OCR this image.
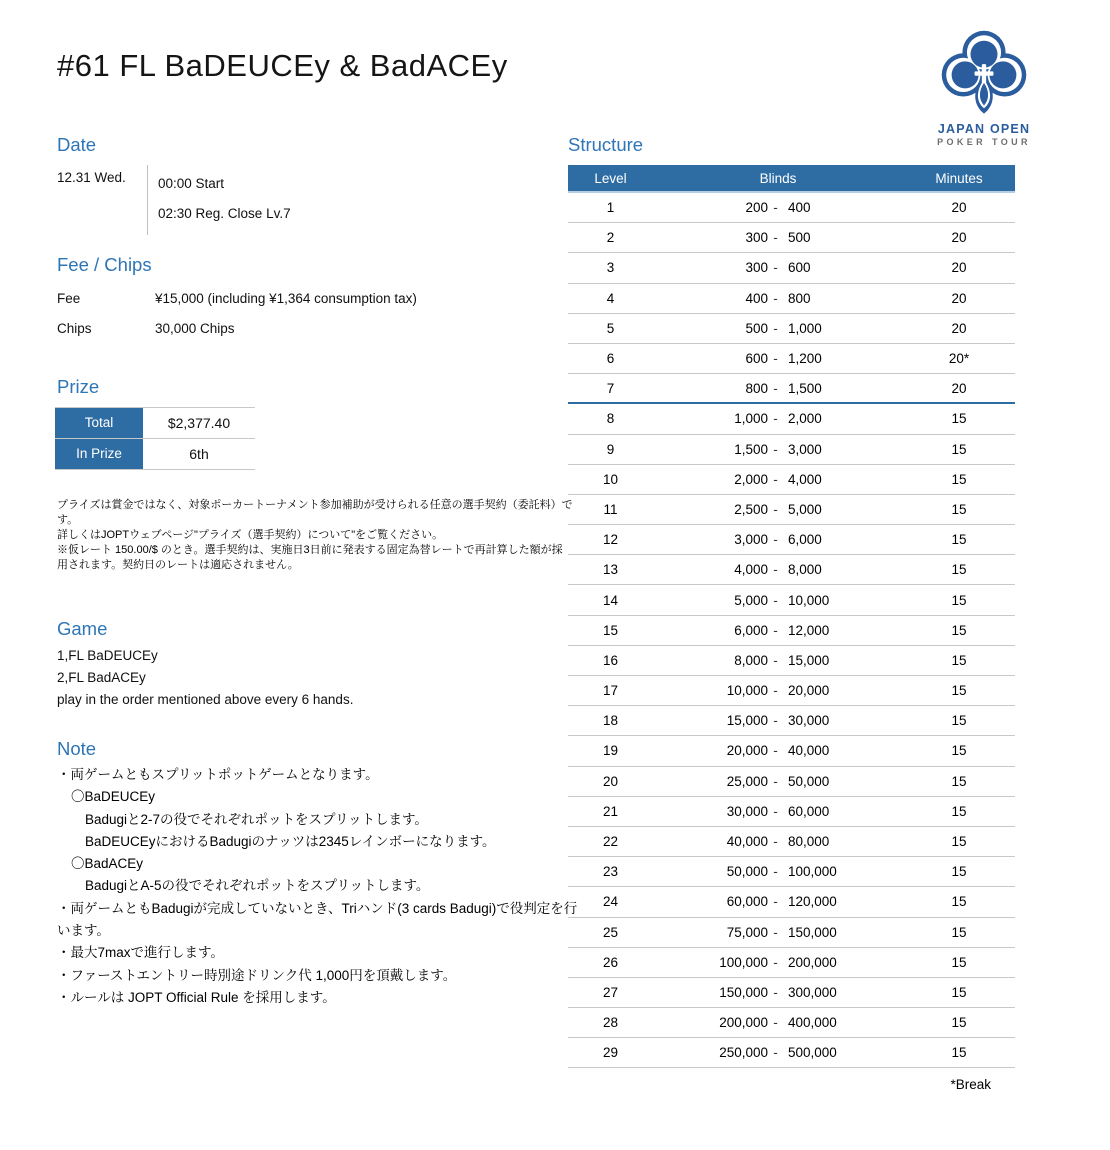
#61 FL BaDEUCEy & BadACEy
JAPAN OPEN
POKER TOUR
Date
12.31 Wed.	00:00 Start
02:30 Reg. Close Lv.7
Fee / Chips
Fee	¥15,000 (including ¥1,364 consumption tax)
Chips	30,000 Chips
Prize
Total	$2,377.40
In Prize	6th

プライズは賞金ではなく、対象ポーカートーナメント参加補助が受けられる任意の選手契約（委託料）です。

詳しくはJOPTウェブページ"プライズ（選手契約）について"をご覧ください。

※仮レート 150.00/$ のとき。選手契約は、実施日3日前に発表する固定為替レートで再計算した額が採用されます。契約日のレートは適応されません。

Game
1,FL BaDEUCEy
2,FL BadACEy
play in the order mentioned above every 6 hands.
Note
・両ゲームともスプリットポットゲームとなります。
〇BaDEUCEy
Badugiと2-7の役でそれぞれポットをスプリットします。
BaDEUCEyにおけるBadugiのナッツは2345レインボーになります。
〇BadACEy
BadugiとA-5の役でそれぞれポットをスプリットします。
・両ゲームともBadugiが完成していないとき、Triハンド(3 cards Badugi)で役判定を行います。
・最大7maxで進行します。
・ファーストエントリー時別途ドリンク代 1,000円を頂戴します。
・ルールは JOPT Official Rule を採用します。
Structure
Level	Blinds	Minutes
1	200 - 400	20
2	300 - 500	20
3	300 - 600	20
4	400 - 800	20
5	500 - 1,000	20
6	600 - 1,200	20*
7	800 - 1,500	20
8	1,000 - 2,000	15
9	1,500 - 3,000	15
10	2,000 - 4,000	15
11	2,500 - 5,000	15
12	3,000 - 6,000	15
13	4,000 - 8,000	15
14	5,000 - 10,000	15
15	6,000 - 12,000	15
16	8,000 - 15,000	15
17	10,000 - 20,000	15
18	15,000 - 30,000	15
19	20,000 - 40,000	15
20	25,000 - 50,000	15
21	30,000 - 60,000	15
22	40,000 - 80,000	15
23	50,000 - 100,000	15
24	60,000 - 120,000	15
25	75,000 - 150,000	15
26	100,000 - 200,000	15
27	150,000 - 300,000	15
28	200,000 - 400,000	15
29	250,000 - 500,000	15
*Break
